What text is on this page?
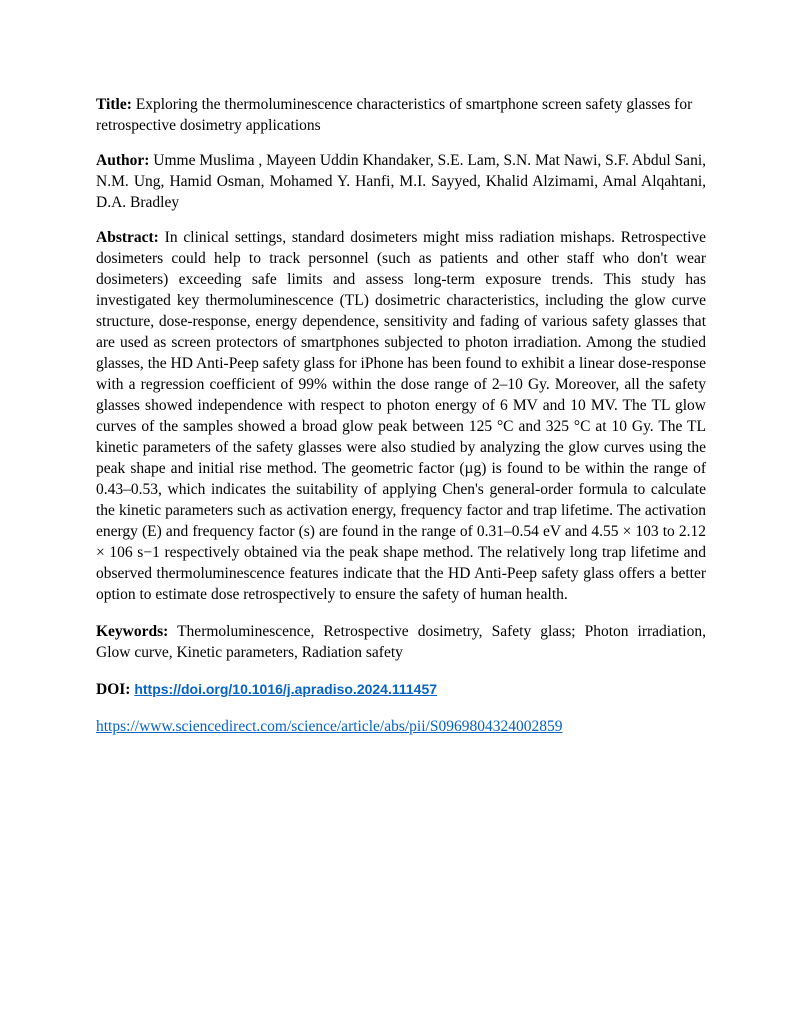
Title: Exploring the thermoluminescence characteristics of smartphone screen safety glasses for retrospective dosimetry applications

Author: Umme Muslima , Mayeen Uddin Khandaker, S.E. Lam, S.N. Mat Nawi, S.F. Abdul Sani, N.M. Ung, Hamid Osman, Mohamed Y. Hanfi, M.I. Sayyed, Khalid Alzimami, Amal Alqahtani, D.A. Bradley

Abstract: In clinical settings, standard dosimeters might miss radiation mishaps. Retrospective dosimeters could help to track personnel (such as patients and other staff who don't wear dosimeters) exceeding safe limits and assess long-term exposure trends. This study has investigated key thermoluminescence (TL) dosimetric characteristics, including the glow curve structure, dose-response, energy dependence, sensitivity and fading of various safety glasses that are used as screen protectors of smartphones subjected to photon irradiation. Among the studied glasses, the HD Anti-Peep safety glass for iPhone has been found to exhibit a linear dose-response with a regression coefficient of 99% within the dose range of 2–10 Gy. Moreover, all the safety glasses showed independence with respect to photon energy of 6 MV and 10 MV. The TL glow curves of the samples showed a broad glow peak between 125 °C and 325 °C at 10 Gy. The TL kinetic parameters of the safety glasses were also studied by analyzing the glow curves using the peak shape and initial rise method. The geometric factor (µg) is found to be within the range of 0.43–0.53, which indicates the suitability of applying Chen's general-order formula to calculate the kinetic parameters such as activation energy, frequency factor and trap lifetime. The activation energy (E) and frequency factor (s) are found in the range of 0.31–0.54 eV and 4.55 × 103 to 2.12 × 106 s−1 respectively obtained via the peak shape method. The relatively long trap lifetime and observed thermoluminescence features indicate that the HD Anti-Peep safety glass offers a better option to estimate dose retrospectively to ensure the safety of human health.

Keywords: Thermoluminescence, Retrospective dosimetry, Safety glass; Photon irradiation, Glow curve, Kinetic parameters, Radiation safety

DOI: https://doi.org/10.1016/j.apradiso.2024.111457

https://www.sciencedirect.com/science/article/abs/pii/S0969804324002859
